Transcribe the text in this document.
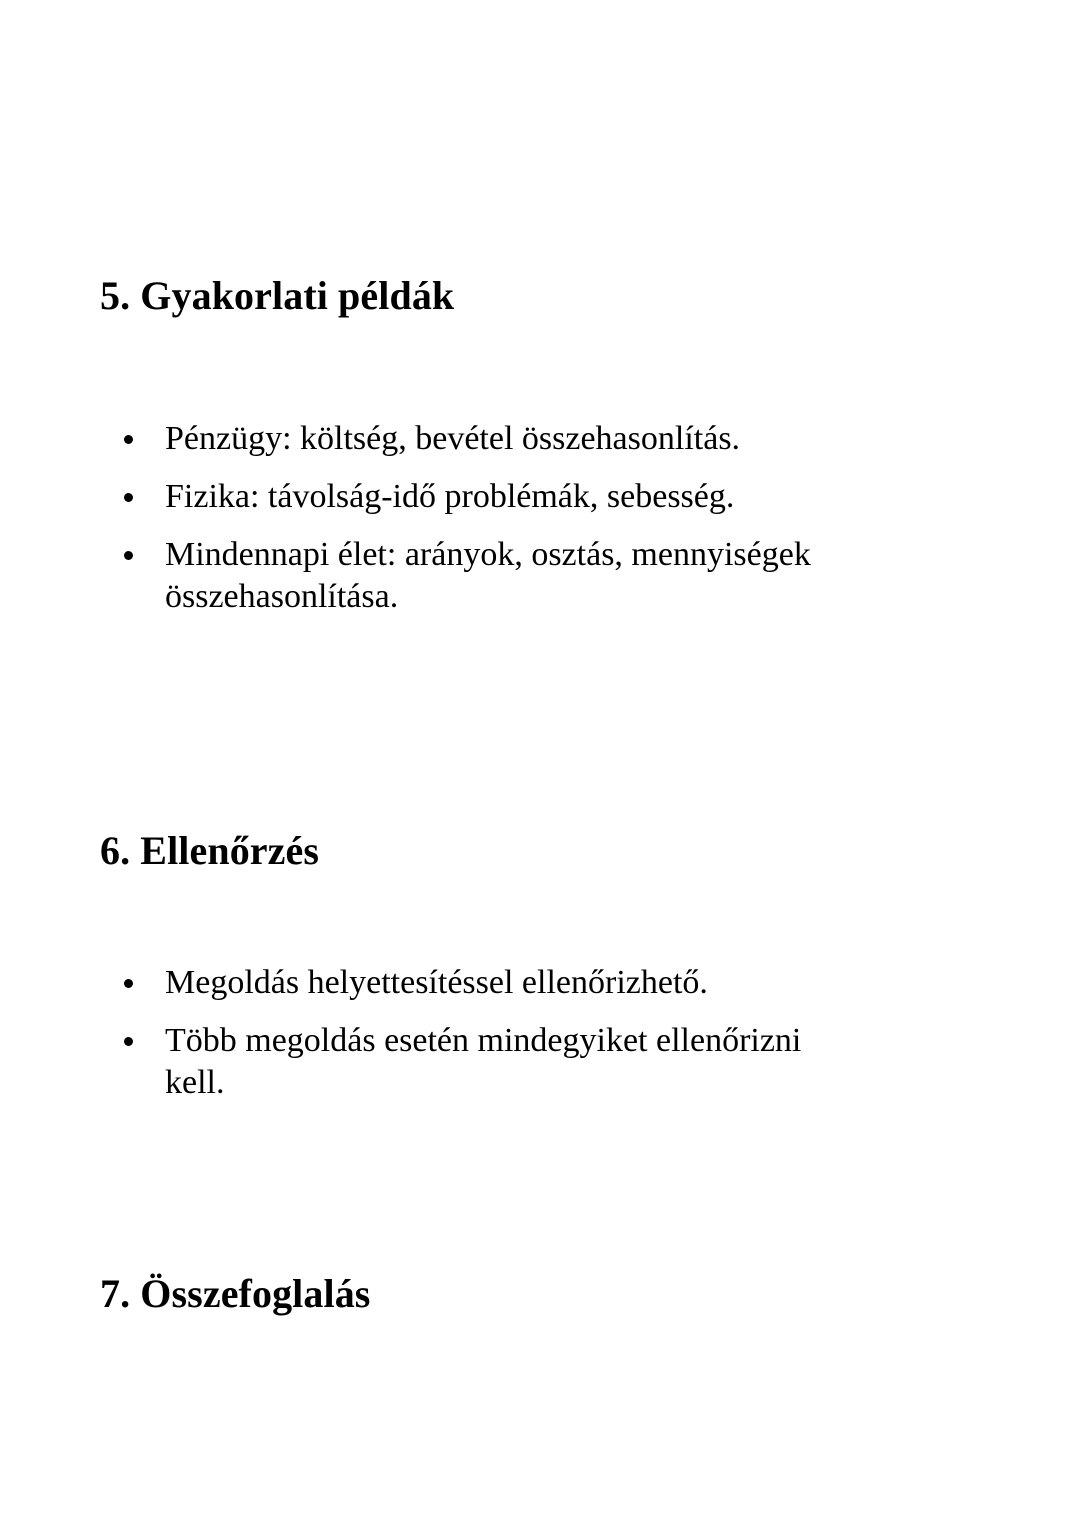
5. Gyakorlati példák
Pénzügy: költség, bevétel összehasonlítás.
Fizika: távolság-idő problémák, sebesség.
Mindennapi élet: arányok, osztás, mennyiségek összehasonlítása.
6. Ellenőrzés
Megoldás helyettesítéssel ellenőrizhető.
Több megoldás esetén mindegyiket ellenőrizni kell.
7. Összefoglalás
